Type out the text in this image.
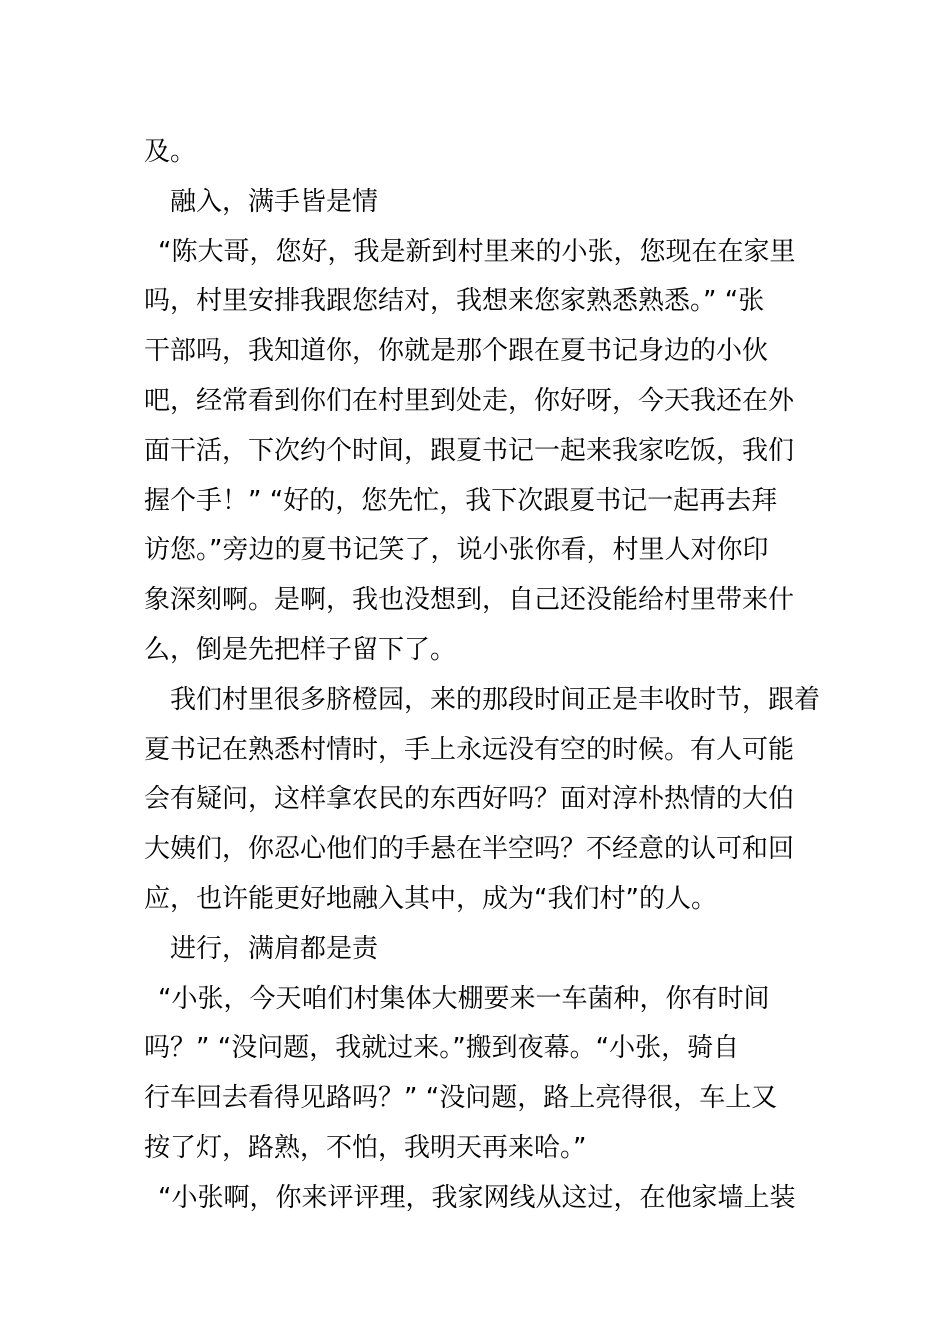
及。
融入，满手皆是情
“陈大哥，您好，我是新到村里来的小张，您现在在家里
吗，村里安排我跟您结对，我想来您家熟悉熟悉。” “张
干部吗，我知道你，你就是那个跟在夏书记身边的小伙
吧，经常看到你们在村里到处走，你好呀，今天我还在外
面干活，下次约个时间，跟夏书记一起来我家吃饭，我们
握个手！” “好的，您先忙，我下次跟夏书记一起再去拜
访您。”旁边的夏书记笑了，说小张你看，村里人对你印
象深刻啊。是啊，我也没想到，自己还没能给村里带来什
么，倒是先把样子留下了。
我们村里很多脐橙园，来的那段时间正是丰收时节，跟着
夏书记在熟悉村情时，手上永远没有空的时候。有人可能
会有疑问，这样拿农民的东西好吗？面对淳朴热情的大伯
大姨们，你忍心他们的手悬在半空吗？不经意的认可和回
应，也许能更好地融入其中，成为“我们村”的人。
进行，满肩都是责
“小张，今天咱们村集体大棚要来一车菌种，你有时间
吗？” “没问题，我就过来。”搬到夜幕。“小张，骑自
行车回去看得见路吗？” “没问题，路上亮得很，车上又
按了灯，路熟，不怕，我明天再来哈。”
“小张啊，你来评评理，我家网线从这过，在他家墙上装
